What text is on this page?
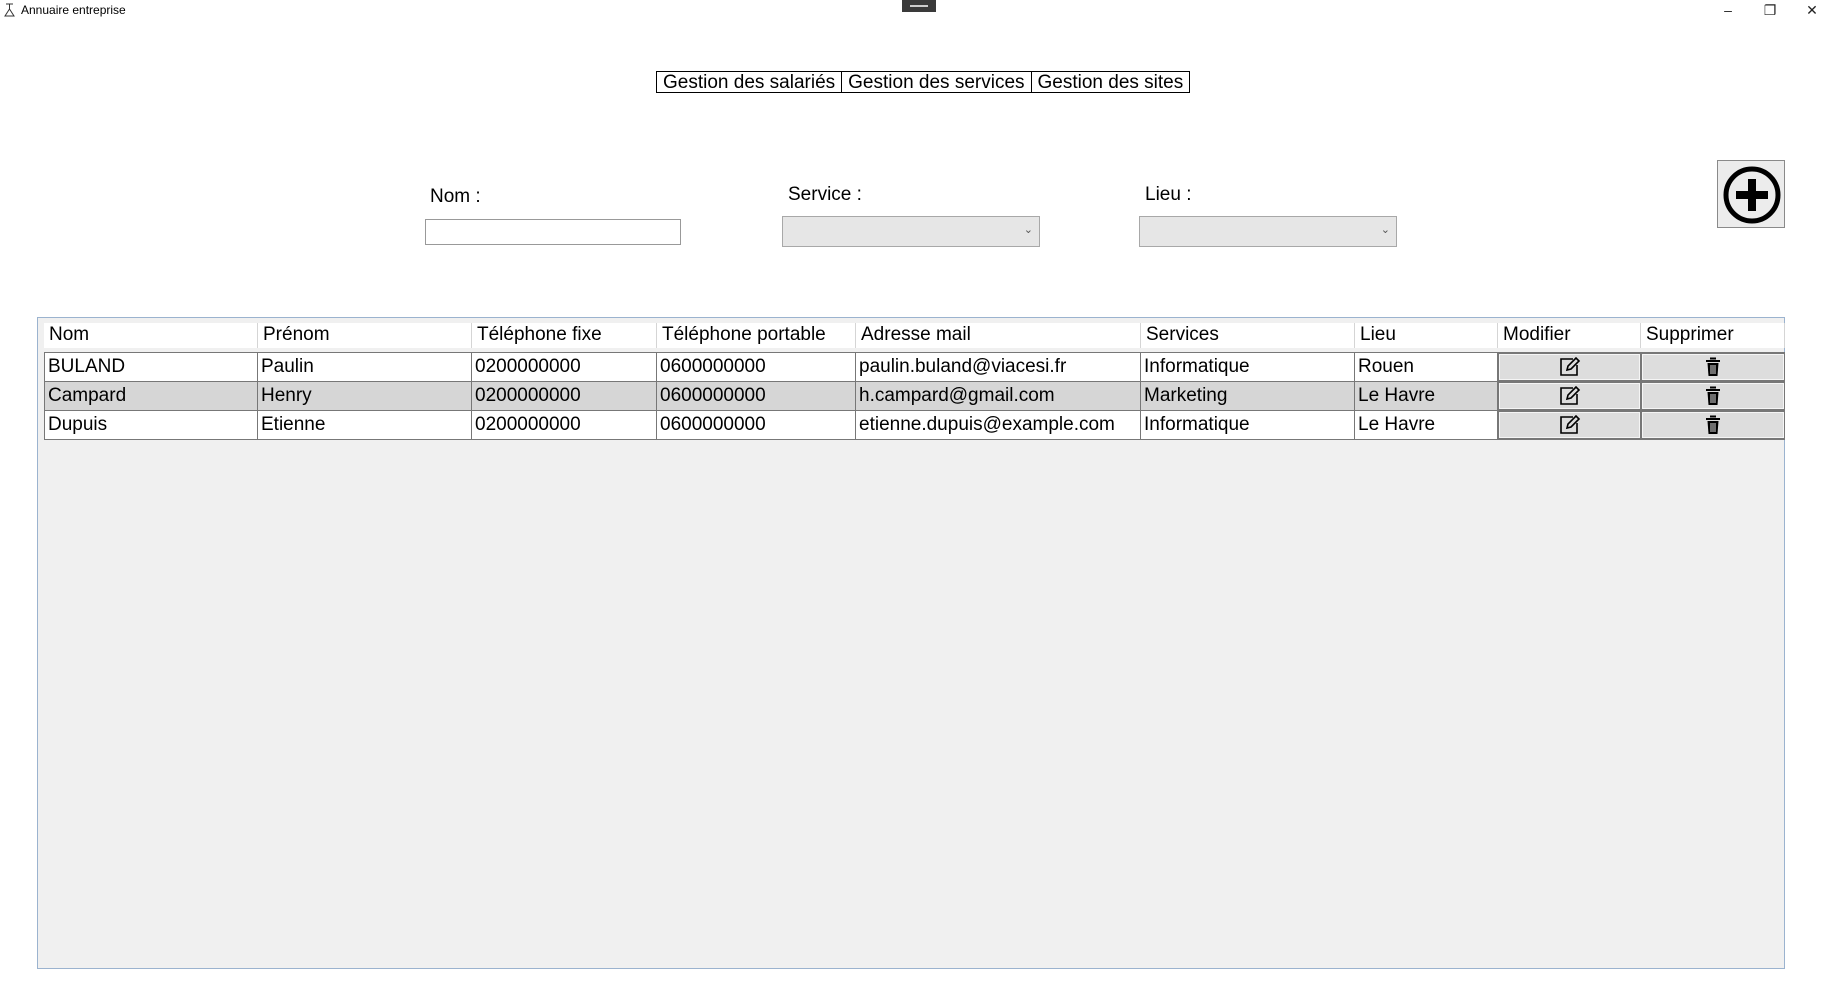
Annuaire entreprise	–	❐	✕
Gestion des salariés Gestion des services Gestion des sites
Nom :	Service :
⌄
Lieu :
⌄
Nom	Prénom	Téléphone fixe	Téléphone portable	Adresse mail	Services	Lieu	Modifier	Supprimer
BULAND	Paulin	0200000000	0600000000	paulin.buland@viacesi.fr	Informatique	Rouen
Campard	Henry	0200000000	0600000000	h.campard@gmail.com	Marketing	Le Havre
Dupuis	Etienne	0200000000	0600000000	etienne.dupuis@example.com	Informatique	Le Havre
